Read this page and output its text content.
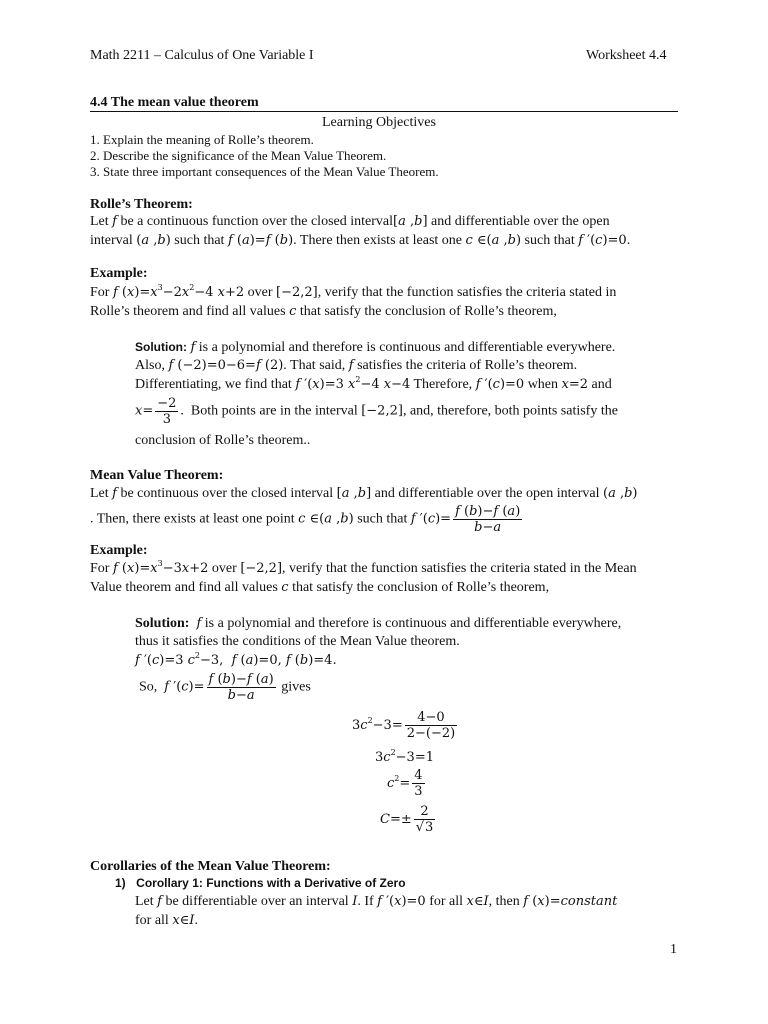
Math 2211 – Calculus of One Variable I	Worksheet 4.4
4.4 The mean value theorem
Learning Objectives
1. Explain the meaning of Rolle’s theorem.
2. Describe the significance of the Mean Value Theorem.
3. State three important consequences of the Mean Value Theorem.
Rolle’s Theorem:
Let f be a continuous function over the closed interval[a ,b] and differentiable over the open
interval (a ,b) such that f (a)=f (b). There then exists at least one c ∈(a ,b) such that f ′(c)=0.
Example:
For f $(x)=x^3-2x^2-4$ x+2 over [−2,2], verify that the function satisfies the criteria stated in
Rolle’s theorem and find all values c that satisfy the conclusion of Rolle’s theorem,
Solution: f is a polynomial and therefore is continuous and differentiable everywhere.
Also, f (−2)=0−6=f (2). That said, f satisfies the criteria of Rolle’s theorem.
Differentiating, we find that f ′(x)=3 $x^2-4$ x−4 Therefore, f ′(c)=0 when x=2 and
$x= \frac{-2}{3}$ .  Both points are in the interval [−2,2], and, therefore, both points satisfy the
conclusion of Rolle’s theorem..
Mean Value Theorem:
Let f be continuous over the closed interval [a ,b] and differentiable over the open interval (a ,b)
. Then, there exists at least one point c ∈(a ,b) such that f $'(c)= \frac{f (b)-f (a)}{b-a}$
Example:
For f $(x)=x^3-3x+2$ over [−2,2], verify that the function satisfies the criteria stated in the Mean
Value theorem and find all values c that satisfy the conclusion of Rolle’s theorem,
Solution: f is a polynomial and therefore is continuous and differentiable everywhere,
thus it satisfies the conditions of the Mean Value theorem.
f ′(c)=3 $c^2-3$,  f (a)=0, f (b)=4.
So, f $'(c)= \frac{f (b)-f (a)}{b-a}$ gives
$3c^2-3= \frac{4-0}{2-(-2)}$
$3c^2-3=1$
$c^2= \frac{4}{3}$
$C=\pm \frac{2}{√3}$
Corollaries of the Mean Value Theorem:
1) Corollary 1: Functions with a Derivative of Zero
Let f be differentiable over an interval I. If f ′(x)=0 for all x∈I, then f (x)=constant
for all x∈I.
1
